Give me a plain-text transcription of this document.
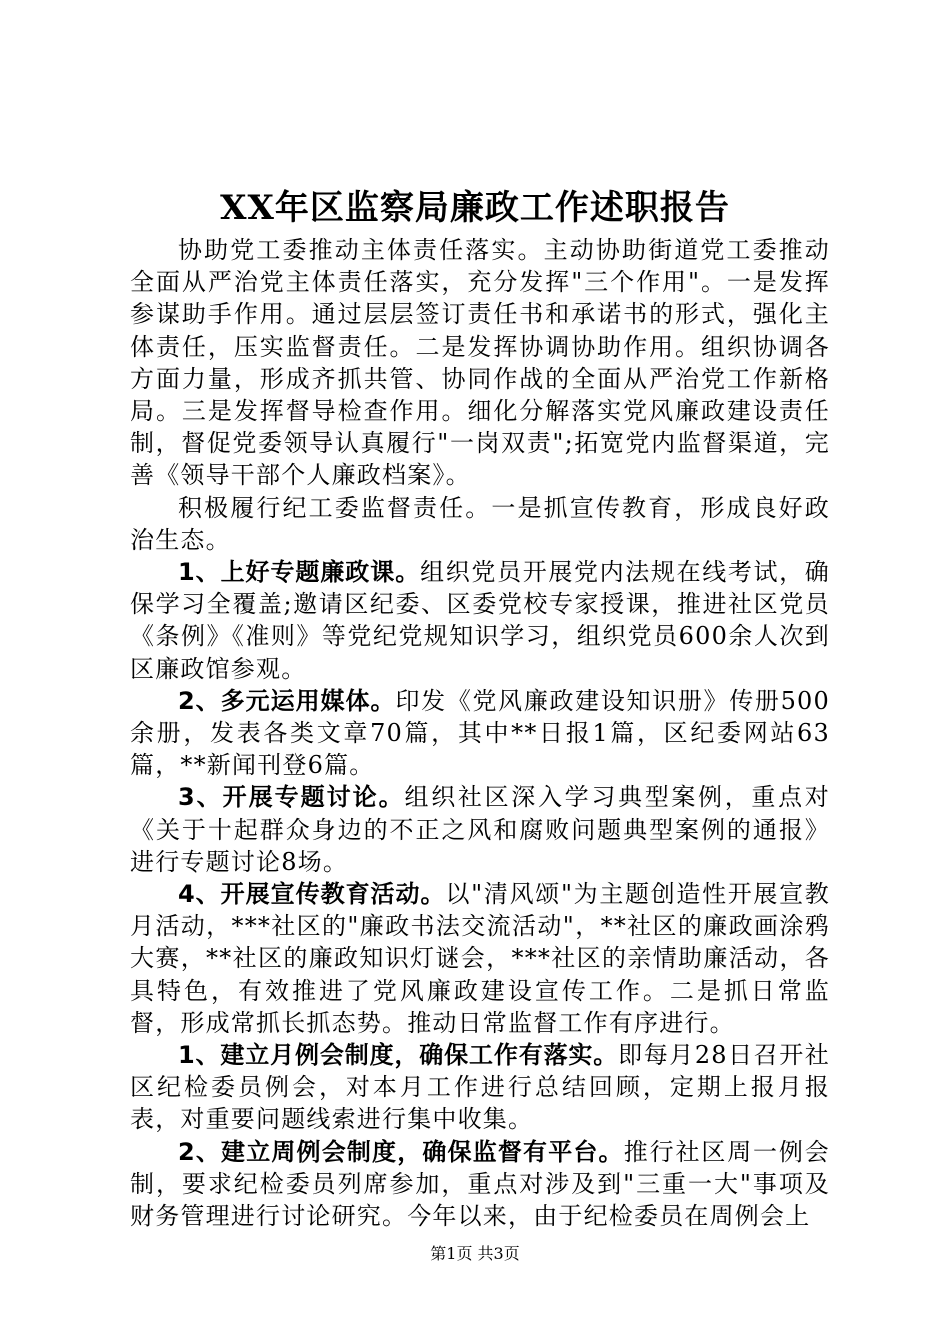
XX年区监察局廉政工作述职报告

协助党工委推动主体责任落实。主动协助街道党工委推动全面从严治党主体责任落实，充分发挥"三个作用"。一是发挥参谋助手作用。通过层层签订责任书和承诺书的形式，强化主体责任，压实监督责任。二是发挥协调协助作用。组织协调各方面力量，形成齐抓共管、协同作战的全面从严治党工作新格局。三是发挥督导检查作用。细化分解落实党风廉政建设责任制，督促党委领导认真履行"一岗双责";拓宽党内监督渠道，完善《领导干部个人廉政档案》。

积极履行纪工委监督责任。一是抓宣传教育，形成良好政治生态。

1、上好专题廉政课。组织党员开展党内法规在线考试，确保学习全覆盖;邀请区纪委、区委党校专家授课，推进社区党员《条例》《准则》等党纪党规知识学习，组织党员600余人次到区廉政馆参观。

2、多元运用媒体。印发《党风廉政建设知识册》传册500余册，发表各类文章70篇，其中**日报1篇，区纪委网站63篇，**新闻刊登6篇。

3、开展专题讨论。组织社区深入学习典型案例，重点对《关于十起群众身边的不正之风和腐败问题典型案例的通报》进行专题讨论8场。

4、开展宣传教育活动。以"清风颂"为主题创造性开展宣教月活动，***社区的"廉政书法交流活动"，**社区的廉政画涂鸦大赛，**社区的廉政知识灯谜会，***社区的亲情助廉活动，各具特色，有效推进了党风廉政建设宣传工作。二是抓日常监督，形成常抓长抓态势。推动日常监督工作有序进行。

1、建立月例会制度，确保工作有落实。即每月28日召开社区纪检委员例会，对本月工作进行总结回顾，定期上报月报表，对重要问题线索进行集中收集。

2、建立周例会制度，确保监督有平台。推行社区周一例会制，要求纪检委员列席参加，重点对涉及到"三重一大"事项及财务管理进行讨论研究。今年以来，由于纪检委员在周例会上

第1页 共3页
